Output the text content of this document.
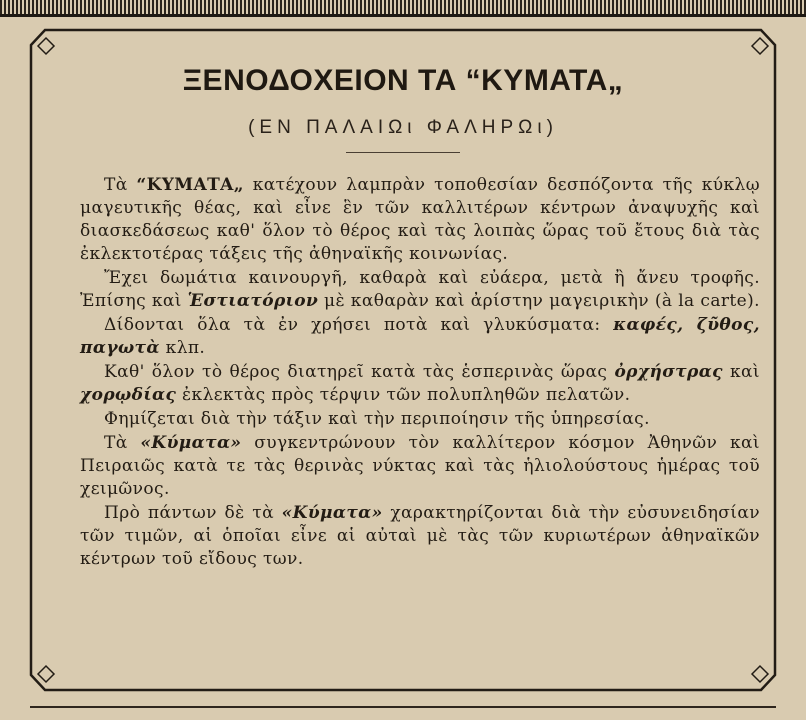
ΞΕΝΟΔΟΧΕΙΟΝ ΤΑ “ΚΥΜΑΤΑ„
(ΕΝ ΠΑΛΑΙΩι ΦΑΛΗΡΩι)

Τὰ “ΚΥΜΑΤΑ„ κατέχουν λαμπρὰν τοποθεσίαν δεσπόζοντα τῆς κύκλῳ μαγευτικῆς θέας, καὶ εἶνε ἓν τῶν καλλιτέρων κέντρων ἀναψυχῆς καὶ διασκεδάσεως καθ' ὅλον τὸ θέρος καὶ τὰς λοιπὰς ὥρας τοῦ ἔτους διὰ τὰς ἐκλεκτοτέρας τάξεις τῆς ἀθηναϊκῆς κοινωνίας.

Ἔχει δωμάτια καινουργῆ, καθαρὰ καὶ εὐάερα, μετὰ ἢ ἄνευ τροφῆς. Ἐπίσης καὶ Ἑστιατόριον μὲ καθαρὰν καὶ ἀρίστην μαγειρικὴν (à la carte).

Δίδονται ὅλα τὰ ἐν χρήσει ποτὰ καὶ γλυκύσματα: καφές, ζῦθος, παγωτὰ κλπ.

Καθ' ὅλον τὸ θέρος διατηρεῖ κατὰ τὰς ἑσπερινὰς ὥρας ὀρχήστρας καὶ χορῳδίας ἐκλεκτὰς πρὸς τέρψιν τῶν πολυπληθῶν πελατῶν.

Φημίζεται διὰ τὴν τάξιν καὶ τὴν περιποίησιν τῆς ὑπηρεσίας.

Τὰ «Κύματα» συγκεντρώνουν τὸν καλλίτερον κόσμον Ἀθηνῶν καὶ Πειραιῶς κατὰ τε τὰς θερινὰς νύκτας καὶ τὰς ἡλιολούστους ἡμέρας τοῦ χειμῶνος.

Πρὸ πάντων δὲ τὰ «Κύματα» χαρακτηρίζονται διὰ τὴν εὐσυνειδησίαν τῶν τιμῶν, αἱ ὁποῖαι εἶνε αἱ αὐταὶ μὲ τὰς τῶν κυριωτέρων ἀθηναϊκῶν κέντρων τοῦ εἴδους των.
